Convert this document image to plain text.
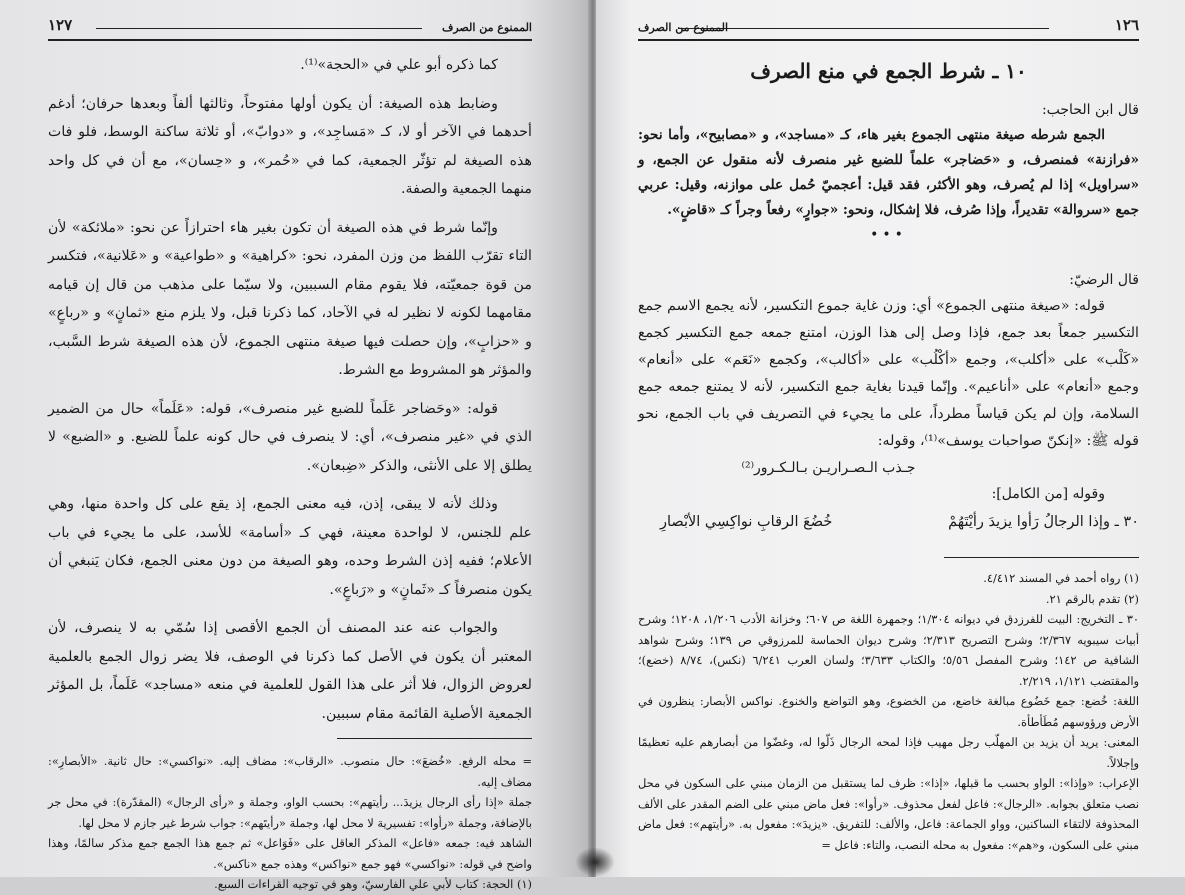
الممنوع من الصرف
١٢٧

كما ذكره أبو علي في «الحجة»⁽¹⁾.

وضابط هذه الصيغة: أن يكون أولها مفتوحاً، وثالثها ألفاً وبعدها حرفان؛ أدغم أحدهما في الآخر أو لا، كـ «مَساجِد»، و «دوابّ»، أو ثلاثة ساكنة الوسط، فلو فات هذه الصيغة لم تؤثّر الجمعية، كما في «حُمر»، و «حِسان»، مع أن في كل واحد منهما الجمعية والصفة.

وإنّما شرط في هذه الصيغة أن تكون بغير هاء احترازاً عن نحو: «ملائكة» لأن التاء تقرّب اللفظ من وزن المفرد، نحو: «كراهية» و «طواعية» و «عَلانية»، فتكسر من قوة جمعيّته، فلا يقوم مقام السببين، ولا سيّما على مذهب من قال إن قيامه مقامهما لكونه لا نظير له في الآحاد، كما ذكرنا قبل، ولا يلزم منع «ثمانٍ» و «رباعٍ» و «حزابٍ»، وإن حصلت فيها صيغة منتهى الجموع، لأن هذه الصيغة شرط السَّبب، والمؤثر هو المشروط مع الشرط.

قوله: «وحَضاجر عَلَماً للضبع غير منصرف»، قوله: «عَلَماً» حال من الضمير الذي في «غير منصرف»، أي: لا ينصرف في حال كونه علماً للضبع. و «الضبع» لا يطلق إلا على الأنثى، والذكر «ضِبعان».

وذلك لأنه لا يبقى، إذن، فيه معنى الجمع، إذ يقع على كل واحدة منها، وهي علم للجنس، لا لواحدة معينة، فهي كـ «أسامة» للأسد، على ما يجيء في باب الأعلام؛ ففيه إذن الشرط وحده، وهو الصيغة من دون معنى الجمع، فكان يَنبغي أن يكون منصرفاً كـ «ثَمانٍ» و «رَباعٍ».

والجواب عنه عند المصنف أن الجمع الأقصى إذا سُمّي به لا ينصرف، لأن المعتبر أن يكون في الأصل كما ذكرنا في الوصف، فلا يضر زوال الجمع بالعلمية لعروض الزوال، فلا أثر على هذا القول للعلمية في منعه «مساجد» عَلَماً، بل المؤثر الجمعية الأصلية القائمة مقام سببين.

= محله الرفع. «خُضعَ»: حال منصوب. «الرقاب»: مضاف إليه. «نواكسي»: حال ثانية. «الأبصارِ»: مضاف إليه.

جملة «إذا رأى الرجال يزيدَ... رأيتهم»: بحسب الواو، وجملة و «رأى الرجال» (المقدّرة): في محل جر بالإضافة، وجملة «رأوا»: تفسيرية لا محل لها، وجملة «رأيتَهم»: جواب شرط غير جازم لا محل لها.

الشاهد فيه: جمعه «فاعل» المذكر العاقل على «فَوَاعل» ثم جمع هذا الجمع جمع مذكر سالمًا، وهذا واضح في قوله: «نواكسي» فهو جمع «نواكس» وهذه جمع «ناكس».

(١) الحجة: كتاب لأبي علي الفارسيّ، وهو في توجيه القراءات السبع.

١٢٦
الممنوع من الصرف
١٠ ـ شرط الجمع في منع الصرف

قال ابن الحاجب:

الجمع شرطه صيغة منتهى الجموع بغير هاء، كـ «مساجد»، و «مصابيح»، وأما نحو: «فرازنة» فمنصرف، و «حَضاجر» علماً للضبع غير منصرف لأنه منقول عن الجمع، و «سراويل» إذا لم يُصرف، وهو الأكثر، فقد قيل: أعجميّ حُمل على موازنه، وقيل: عربي جمع «سروالة» تقديراً، وإذا صُرف، فلا إشكال، ونحو: «جوارٍ» رفعاً وجراً كـ «قاضٍ».

•••

قال الرضيّ:

قوله: «صيغة منتهى الجموع» أي: وزن غاية جموع التكسير، لأنه يجمع الاسم جمع التكسير جمعاً بعد جمع، فإذا وصل إلى هذا الوزن، امتنع جمعه جمع التكسير كجمع «كَلْب» على «أكلب»، وجمع «أكْلُب» على «أكالب»، وكجمع «نَعَم» على «أنعام» وجمع «أنعام» على «أناعيم». وإنّما قيدنا بغاية جمع التكسير، لأنه لا يمتنع جمعه جمع السلامة، وإن لم يكن قياساً مطرداً، على ما يجيء في التصريف في باب الجمع، نحو قوله ﷺ: «إنكنّ صواحبات يوسف»⁽¹⁾، وقوله:

جـذب الـصـراريـن بـالـكـرور⁽²⁾

وقوله [من الكامل]:

٣٠ ـ وإذا الرجالُ رَأوا يزيدَ رأيْتَهُمْ
خُضُعَ الرقابِ نواكِسِي الأبْصارِ

(١) رواه أحمد في المسند ٤/٤١٢.

(٢) تقدم بالرقم ٢١.

٣٠ ـ التخريج: البيت للفرزدق في ديوانه ١/٣٠٤؛ وجمهرة اللغة ص ٦٠٧؛ وخزانة الأدب ١/٢٠٦، ١٢٠٨؛ وشرح أبيات سيبويه ٢/٣٦٧؛ وشرح التصريح ٢/٣١٣؛ وشرح ديوان الحماسة للمرزوقي ص ١٣٩؛ وشرح شواهد الشافية ص ١٤٢؛ وشرح المفصل ٥/٥٦؛ والكتاب ٣/٦٣٣؛ ولسان العرب ٦/٢٤١ (نكس)، ٨/٧٤ (خضع)؛ والمقتضب ١/١٢١، ٢/٢١٩.

اللغة: خُضع: جمع خَضُوع مبالغة خاضع، من الخضوع، وهو التواضع والخنوع. نواكس الأبصار: ينظرون في الأرض ورؤوسهم مُطَأطأة.

المعنى: يريد أن يزيد بن المهلّب رجل مهيب فإذا لمحه الرجال ذَلّوا له، وغضّوا من أبصارهم عليه تعظيمًا وإجلالاً.

الإعراب: «وإذا»: الواو بحسب ما قبلها، «إذا»: ظرف لما يستقبل من الزمان مبني على السكون في محل نصب متعلق بجوابه. «الرجال»: فاعل لفعل محذوف. «رأوا»: فعل ماض مبني على الضم المقدر على الألف المحذوفة لالتقاء الساكنين، وواو الجماعة: فاعل، والألف: للتفريق. «يزيدَ»: مفعول به. «رأيتهم»: فعل ماض مبني على السكون، و«هم»: مفعول به محله النصب، والتاء: فاعل =
